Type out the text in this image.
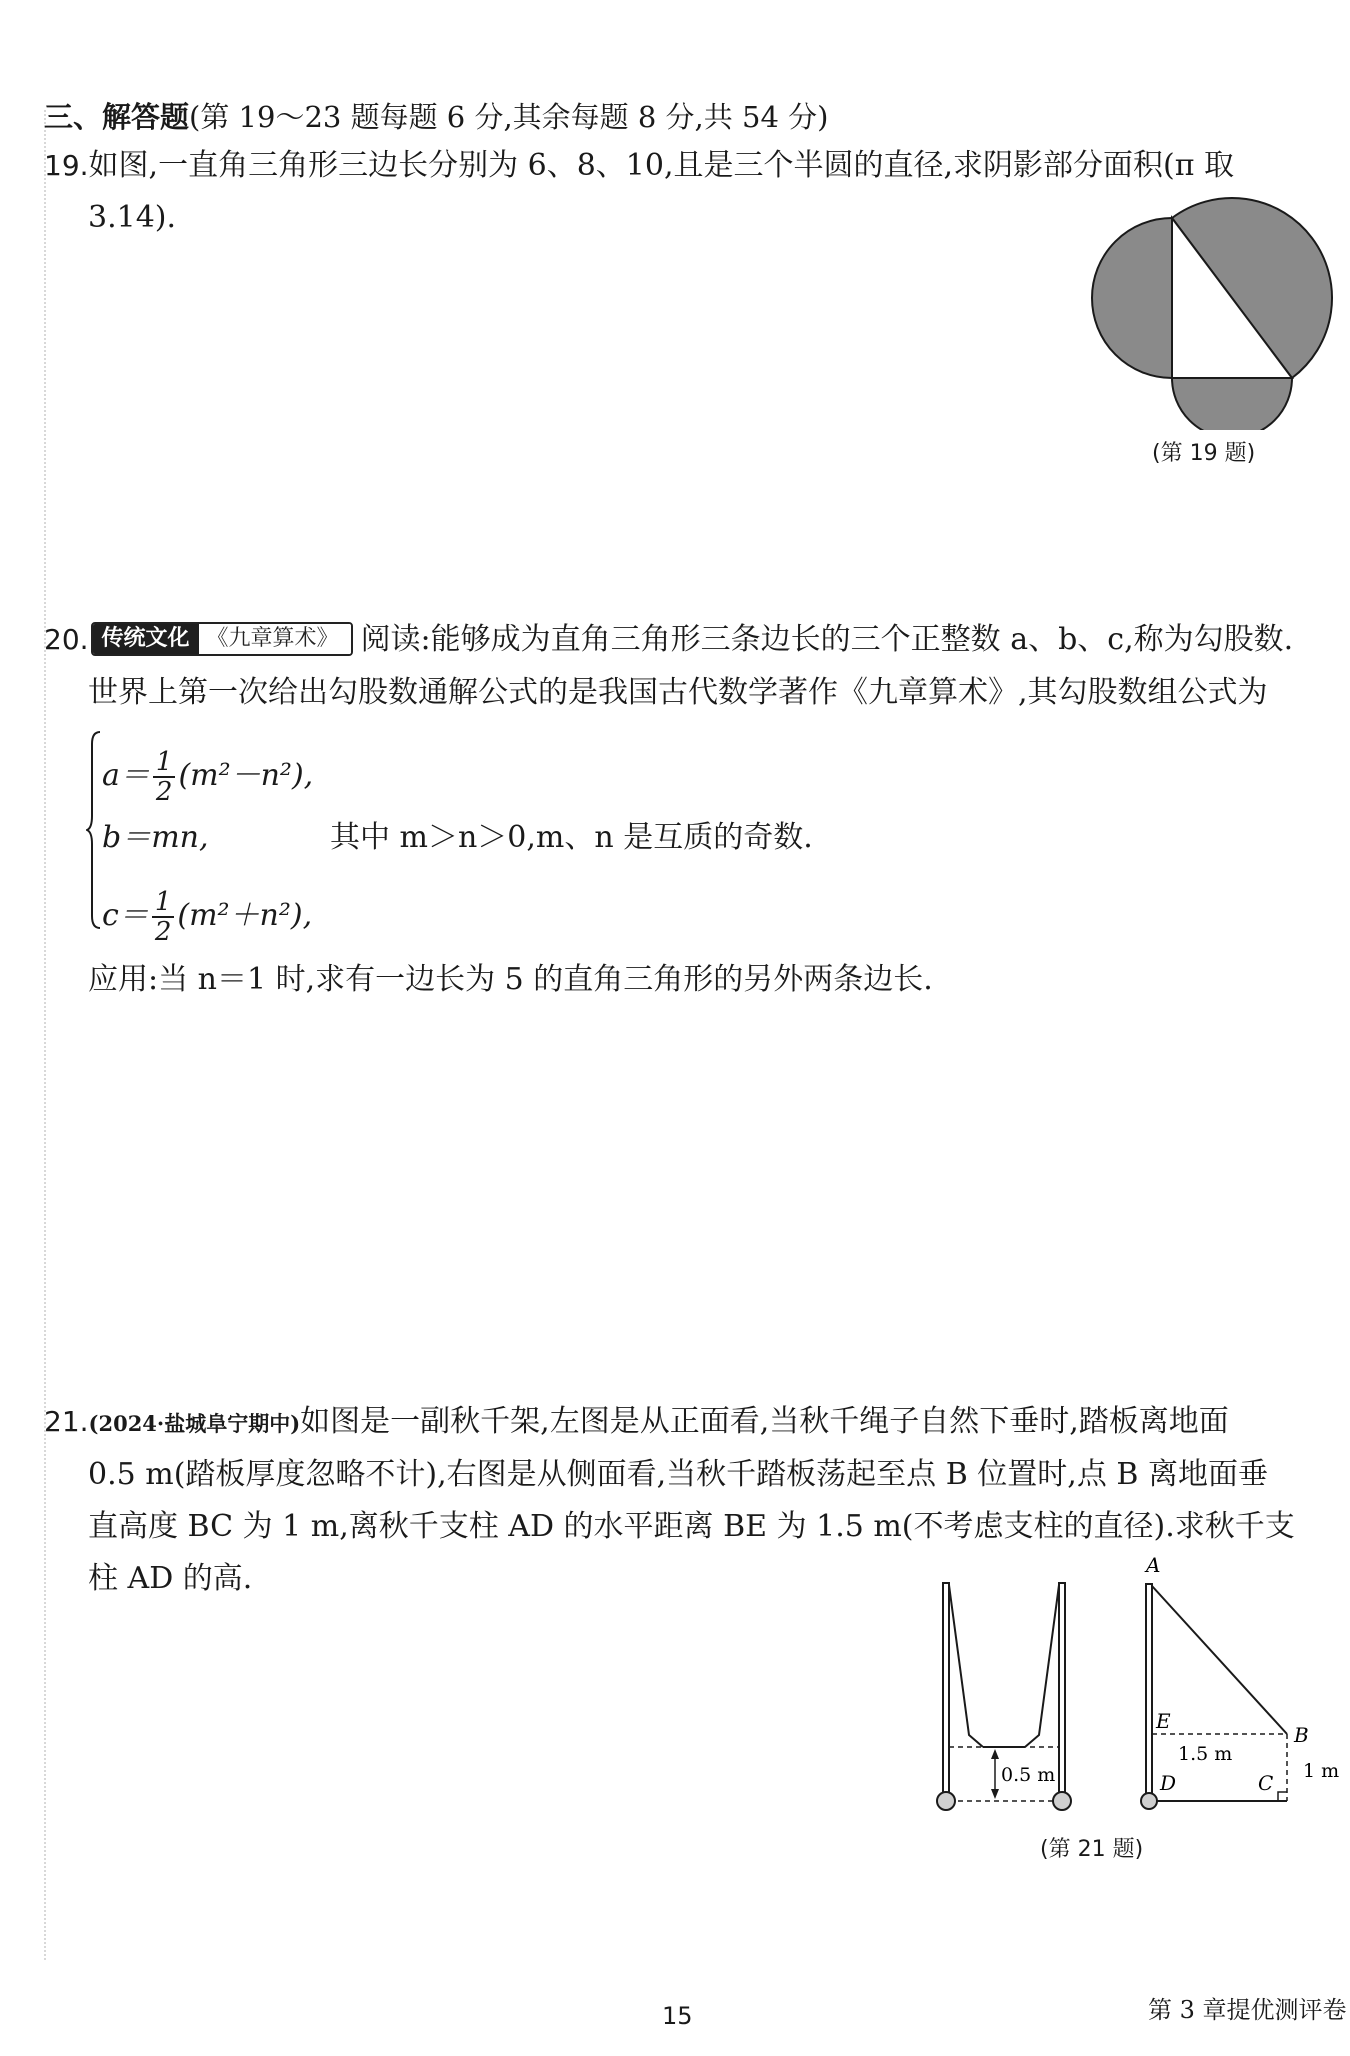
三、解答题(第 19～23 题每题 6 分,其余每题 8 分,共 54 分)
19.如图,一直角三角形三边长分别为 6、8、10,且是三个半圆的直径,求阴影部分面积(π 取
3.14).
(第 19 题)
20. 传统文化 《九章算术》 阅读:能够成为直角三角形三条边长的三个正整数 a、b、c,称为勾股数.
世界上第一次给出勾股数通解公式的是我国古代数学著作《九章算术》,其勾股数组公式为
$a= \frac{1}{2} (m^2-n^2)$,
b＝mn,	其中 m＞n＞0,m、n 是互质的奇数.
$c= \frac{1}{2} (m^2+n^2)$,
应用:当 n＝1 时,求有一边长为 5 的直角三角形的另外两条边长.
21.(2024·盐城阜宁期中)如图是一副秋千架,左图是从正面看,当秋千绳子自然下垂时,踏板离地面
0.5 m(踏板厚度忽略不计),右图是从侧面看,当秋千踏板荡起至点 B 位置时,点 B 离地面垂
直高度 BC 为 1 m,离秋千支柱 AD 的水平距离 BE 为 1.5 m(不考虑支柱的直径).求秋千支
柱 AD 的高.
0.5 m
A
E
B
D	C
1.5 m
1 m
(第 21 题)
15	第 3 章提优测评卷
